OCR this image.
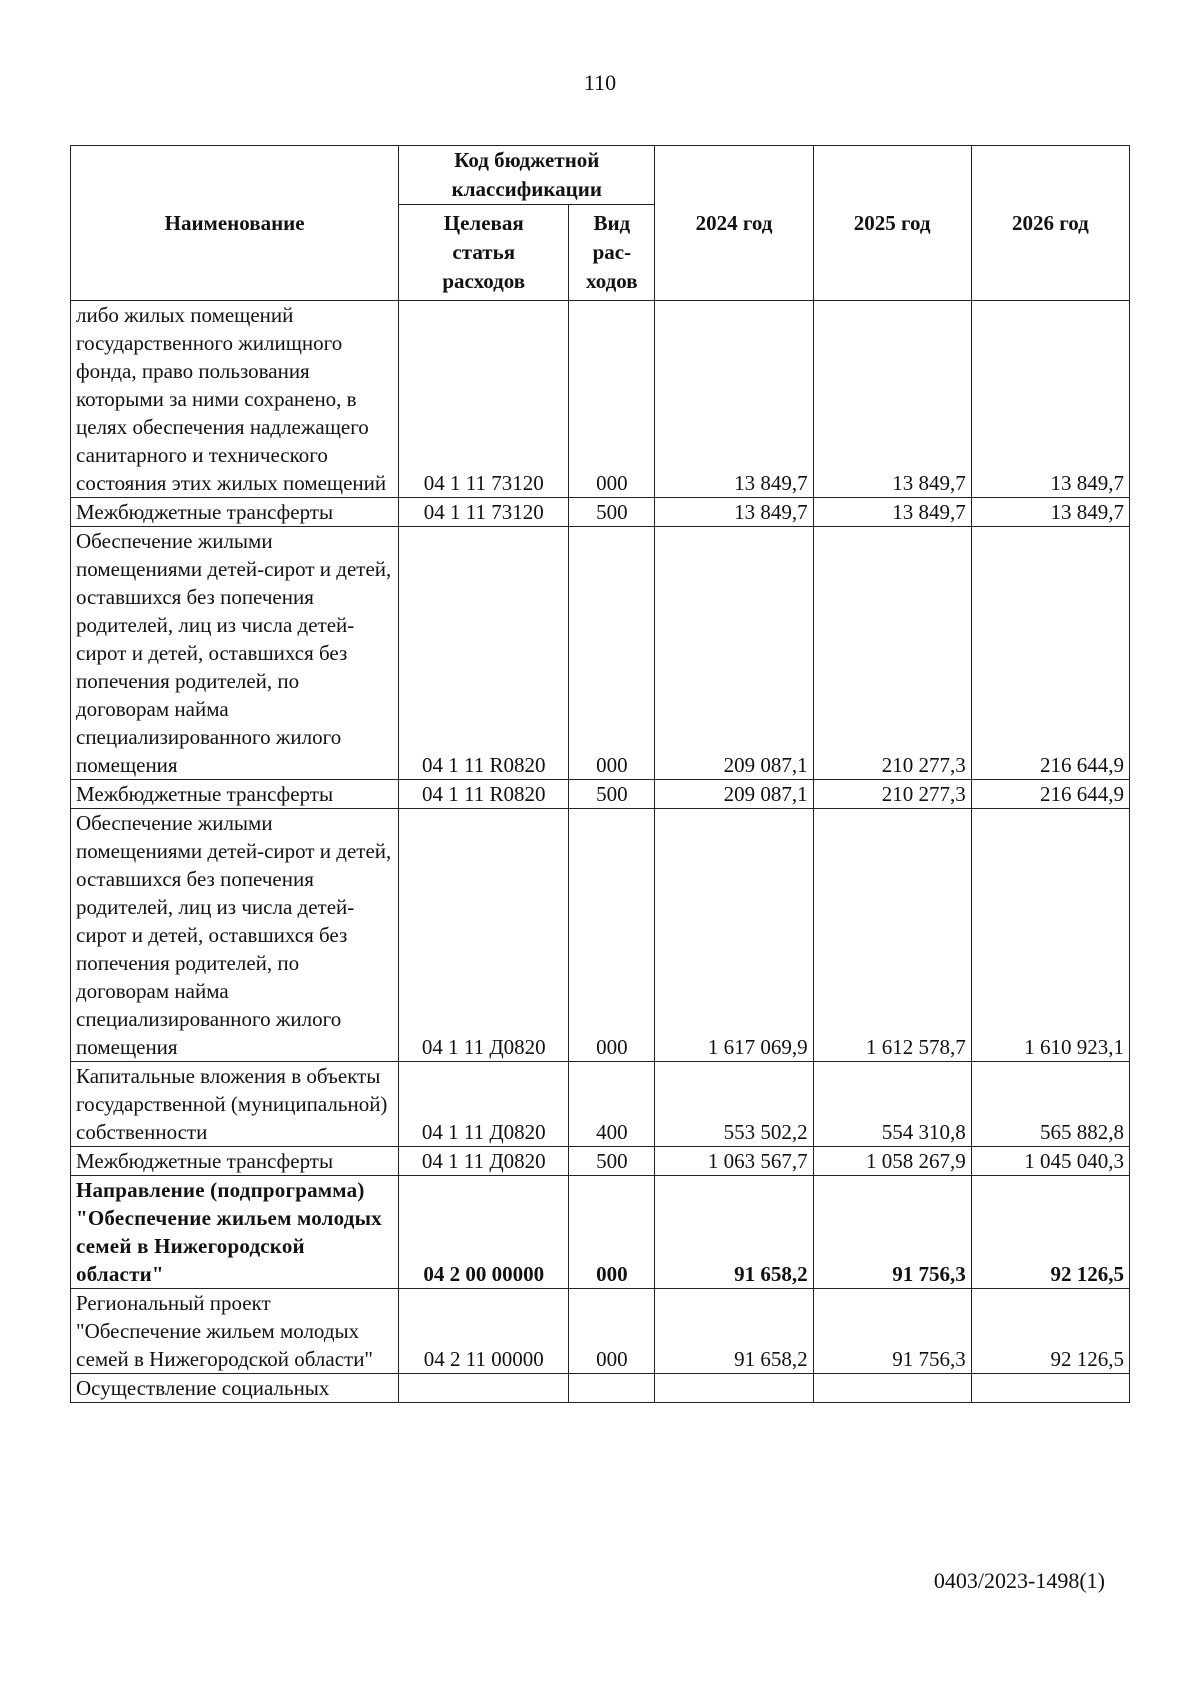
110
Наименование	Код бюджетной классификации		2024 год	2025 год	2026 год
	Целевая статья расходов	Вид рас-ходов			
либо жилых помещений государственного жилищного фонда, право пользования которыми за ними сохранено, в целях обеспечения надлежащего санитарного и технического состояния этих жилых помещений	04 1 11 73120	000	13 849,7	13 849,7	13 849,7
Межбюджетные трансферты	04 1 11 73120	500	13 849,7	13 849,7	13 849,7
Обеспечение жилыми помещениями детей-сирот и детей, оставшихся без попечения родителей, лиц из числа детей-сирот и детей, оставшихся без попечения родителей, по договорам найма специализированного жилого помещения	04 1 11 R0820	000	209 087,1	210 277,3	216 644,9
Межбюджетные трансферты	04 1 11 R0820	500	209 087,1	210 277,3	216 644,9
Обеспечение жилыми помещениями детей-сирот и детей, оставшихся без попечения родителей, лиц из числа детей-сирот и детей, оставшихся без попечения родителей, по договорам найма специализированного жилого помещения	04 1 11 Д0820	000	1 617 069,9	1 612 578,7	1 610 923,1
Капитальные вложения в объекты государственной (муниципальной) собственности	04 1 11 Д0820	400	553 502,2	554 310,8	565 882,8
Межбюджетные трансферты	04 1 11 Д0820	500	1 063 567,7	1 058 267,9	1 045 040,3
Направление (подпрограмма) "Обеспечение жильем молодых семей в Нижегородской области"	04 2 00 00000	000	91 658,2	91 756,3	92 126,5
Региональный проект "Обеспечение жильем молодых семей в Нижегородской области"	04 2 11 00000	000	91 658,2	91 756,3	92 126,5
Осуществление социальных					
0403/2023-1498(1)
